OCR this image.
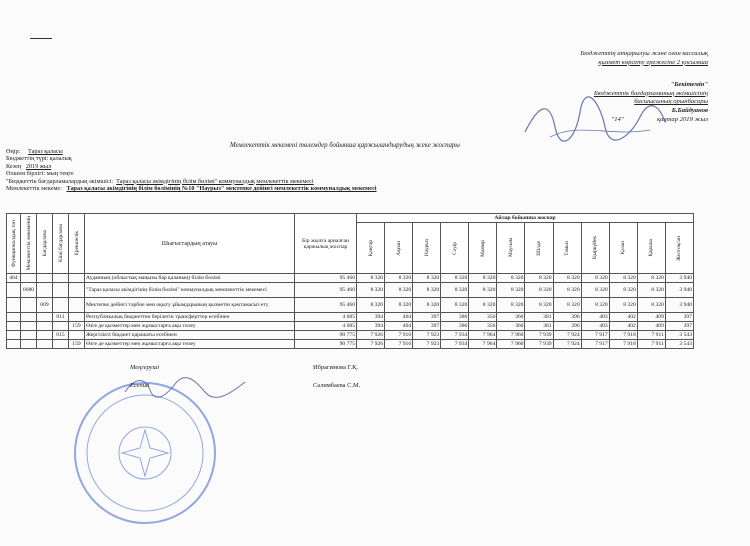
Бюджеттің атқарылуы және оған кассалық
қызмет көрсету ережесіне 2 қосымша
"Бекітемін"
Бюджеттік бағдарламаның әкімшісінің
басшысының орынбасары
Б.Байдуанов
"14"	қаңтар 2019 жыл
Мемлекеттік мекемені төлемдер бойынша қаржыландырудың жеке жоспары
Өңір: Тараз қаласы
Бюджеттің түрі: қалалық
Кезең 2019 жыл
Өлшем бірлігі: мың теңге
"Бюджеттік бағдарламалардың әкімшісі: Тараз қаласы әкімдігінің білім бөлімі" коммуналдық мемлекеттік мекемесі
Мемлекеттік мекеме: Тараз қаласы әкімдігінің білім бөлімінің №10 "Наурыз" мектепке дейінгі мемлекеттік коммуналдық мекемесі
Функционалдық топ	Мемлекеттік мекеменің	Бағдарлама	Кіші бағдарлама	Ерекшелік	Шығыстардың атауы	Бір жылға арналған қаржылық жоспар	Айлар бойынша жоспар											

							Қаңтар	Ақпан	Наурыз	Сәуір	Мамыр	Маусым	Шілде	Тамыз	Қыркүйек	Қазан	Қараша	Желтоқсан

464					Ауданның (облыстық маңызы бар қаланың) білім бөлімі	95 460	8 320	8 320	8 320	8 320	8 320	8 320	8 320	8 320	8 320	8 320	8 320	3 940
	6680				"Тараз қаласы әкімдігінің білім бөлімі" коммуналдық мемлекеттік мекемесі	95 460	8 320	8 320	8 320	8 320	8 320	8 320	8 320	8 320	8 320	8 320	8 320	3 940
		009			Мектепке дейінгі тәрбие мен оқыту ұйымдарының қызметін қамтамасыз ету	95 460	8 320	8 320	8 320	8 320	8 320	8 320	8 320	8 320	8 320	8 320	8 320	3 940
			011		Республикалық бюджеттен берілетін трансферттер есебінен	4 685	394	404	397	386	356	360	381	396	403	402	409	397
				159	Өзге де қызметтер мен жұмыстарға ақы төлеу	4 685	394	404	397	386	356	360	381	396	403	402	409	397
			015		Жергілікті бюджет қаражаты есебінен	90 775	7 926	7 916	7 923	7 934	7 964	7 960	7 939	7 924	7 917	7 918	7 911	3 543
				159	Өзге де қызметтер мен жұмыстарға ақы төлеу	90 775	7 926	7 916	7 923	7 934	7 964	7 960	7 939	7 924	7 917	7 918	7 911	3 543
Меңгеруші	Ибрагимова Г.Қ.
Есепші	Салимбаева С.М.
